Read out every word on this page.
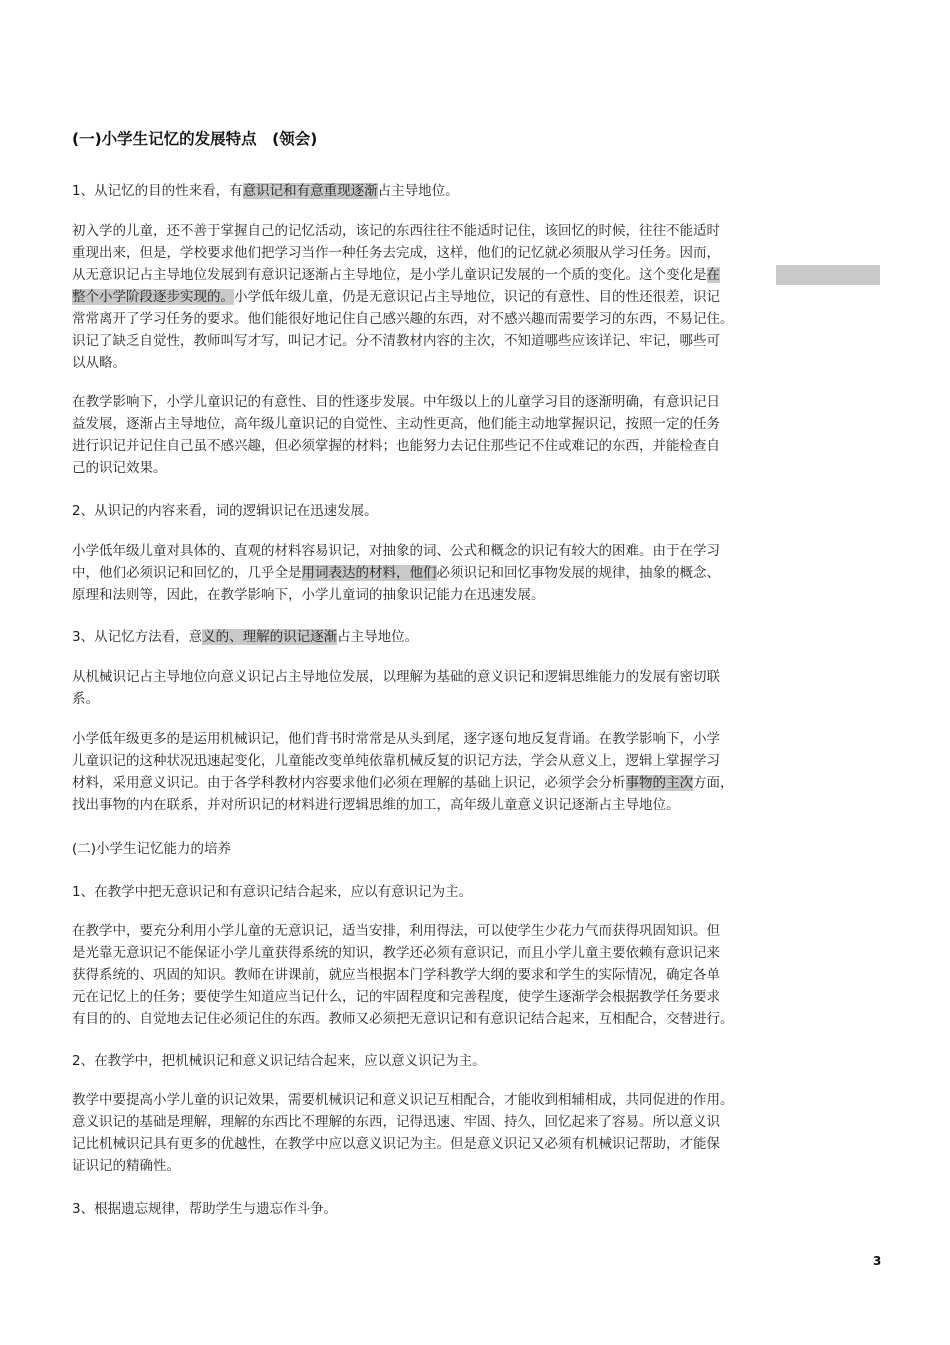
(一)小学生记忆的发展特点　(领会)
1、从记忆的目的性来看，有意识记和有意重现逐渐占主导地位。
初入学的儿童，还不善于掌握自己的记忆活动，该记的东西往往不能适时记住，该回忆的时候，往往不能适时
重现出来，但是，学校要求他们把学习当作一种任务去完成，这样，他们的记忆就必须服从学习任务。因而，
从无意识记占主导地位发展到有意识记逐渐占主导地位，是小学儿童识记发展的一个质的变化。这个变化是在
整个小学阶段逐步实现的。小学低年级儿童，仍是无意识记占主导地位，识记的有意性、目的性还很差，识记
常常离开了学习任务的要求。他们能很好地记住自己感兴趣的东西，对不感兴趣而需要学习的东西，不易记住。
识记了缺乏自觉性，教师叫写才写，叫记才记。分不清教材内容的主次，不知道哪些应该详记、牢记，哪些可
以从略。
在教学影响下，小学儿童识记的有意性、目的性逐步发展。中年级以上的儿童学习目的逐渐明确，有意识记日
益发展，逐渐占主导地位，高年级儿童识记的自觉性、主动性更高，他们能主动地掌握识记，按照一定的任务
进行识记并记住自己虽不感兴趣，但必须掌握的材料；也能努力去记住那些记不住或难记的东西，并能检查自
己的识记效果。
2、从识记的内容来看，词的逻辑识记在迅速发展。
小学低年级儿童对具体的、直观的材料容易识记，对抽象的词、公式和概念的识记有较大的困难。由于在学习
中，他们必须识记和回忆的，几乎全是用词表达的材料，他们必须识记和回忆事物发展的规律，抽象的概念、
原理和法则等，因此，在教学影响下，小学儿童词的抽象识记能力在迅速发展。
3、从记忆方法看，意义的、理解的识记逐渐占主导地位。
从机械识记占主导地位向意义识记占主导地位发展，以理解为基础的意义识记和逻辑思维能力的发展有密切联
系。
小学低年级更多的是运用机械识记，他们背书时常常是从头到尾，逐字逐句地反复背诵。在教学影响下，小学
儿童识记的这种状况迅速起变化，儿童能改变单纯依靠机械反复的识记方法，学会从意义上，逻辑上掌握学习
材料，采用意义识记。由于各学科教材内容要求他们必须在理解的基础上识记，必须学会分析事物的主次方面，
找出事物的内在联系，并对所识记的材料进行逻辑思维的加工，高年级儿童意义识记逐渐占主导地位。
(二)小学生记忆能力的培养
1、在教学中把无意识记和有意识记结合起来，应以有意识记为主。
在教学中，要充分利用小学儿童的无意识记，适当安排，利用得法，可以使学生少花力气而获得巩固知识。但
是光靠无意识记不能保证小学儿童获得系统的知识，教学还必须有意识记，而且小学儿童主要依赖有意识记来
获得系统的、巩固的知识。教师在讲课前，就应当根据本门学科教学大纲的要求和学生的实际情况，确定各单
元在记忆上的任务；要使学生知道应当记什么，记的牢固程度和完善程度，使学生逐渐学会根据教学任务要求
有目的的、自觉地去记住必须记住的东西。教师又必须把无意识记和有意识记结合起来，互相配合，交替进行。
2、在教学中，把机械识记和意义识记结合起来，应以意义识记为主。
教学中要提高小学儿童的识记效果，需要机械识记和意义识记互相配合，才能收到相辅相成，共同促进的作用。
意义识记的基础是理解，理解的东西比不理解的东西，记得迅速、牢固、持久，回忆起来了容易。所以意义识
记比机械识记具有更多的优越性，在教学中应以意义识记为主。但是意义识记又必须有机械识记帮助，才能保
证识记的精确性。
3、根据遗忘规律，帮助学生与遗忘作斗争。
3
